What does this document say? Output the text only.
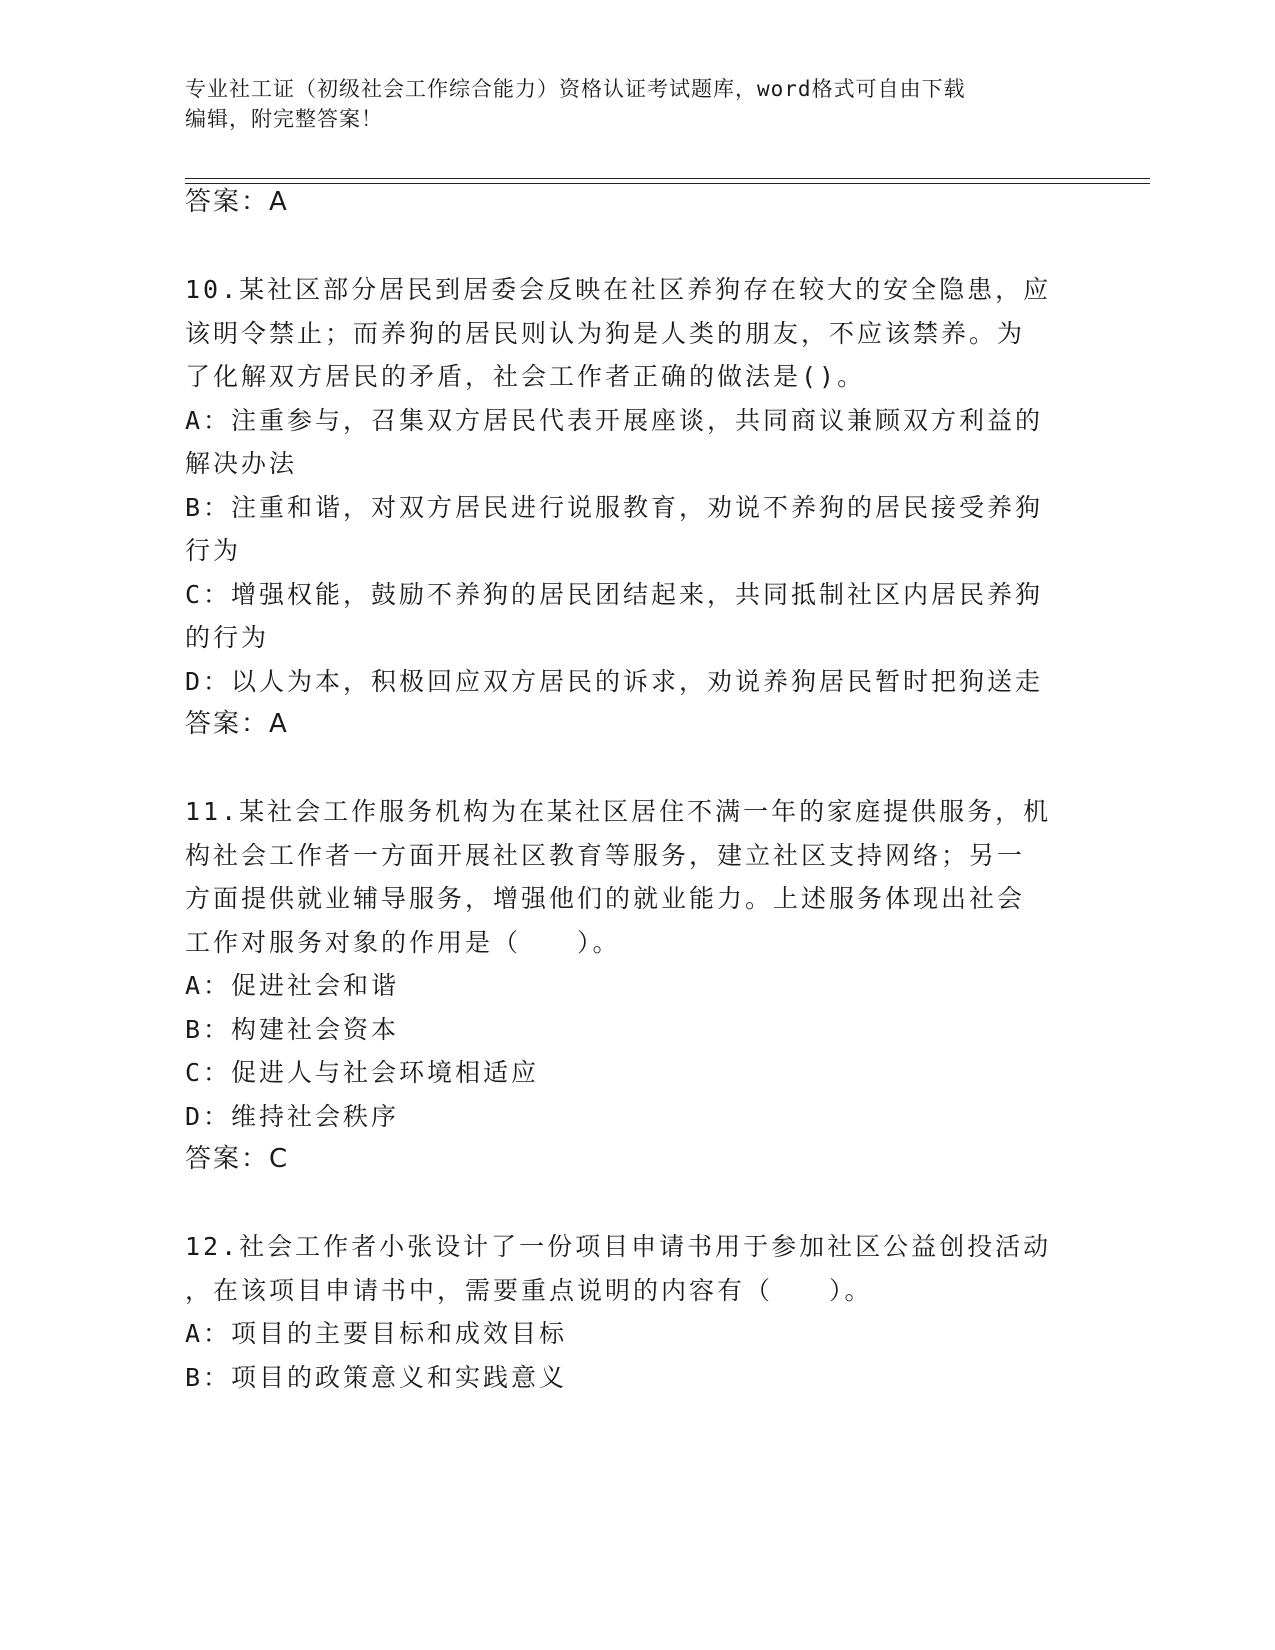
专业社工证（初级社会工作综合能力）资格认证考试题库，word格式可自由下载
编辑，附完整答案！
答案：A
10.某社区部分居民到居委会反映在社区养狗存在较大的安全隐患，应
该明令禁止；而养狗的居民则认为狗是人类的朋友，不应该禁养。为
了化解双方居民的矛盾，社会工作者正确的做法是()。
A：注重参与，召集双方居民代表开展座谈，共同商议兼顾双方利益的
解决办法
B：注重和谐，对双方居民进行说服教育，劝说不养狗的居民接受养狗
行为
C：增强权能，鼓励不养狗的居民团结起来，共同抵制社区内居民养狗
的行为
D：以人为本，积极回应双方居民的诉求，劝说养狗居民暂时把狗送走
答案：A
11.某社会工作服务机构为在某社区居住不满一年的家庭提供服务，机
构社会工作者一方面开展社区教育等服务，建立社区支持网络；另一
方面提供就业辅导服务，增强他们的就业能力。上述服务体现出社会
工作对服务对象的作用是（　　）。
A：促进社会和谐
B：构建社会资本
C：促进人与社会环境相适应
D：维持社会秩序
答案：C
12.社会工作者小张设计了一份项目申请书用于参加社区公益创投活动
，在该项目申请书中，需要重点说明的内容有（　　）。
A：项目的主要目标和成效目标
B：项目的政策意义和实践意义
